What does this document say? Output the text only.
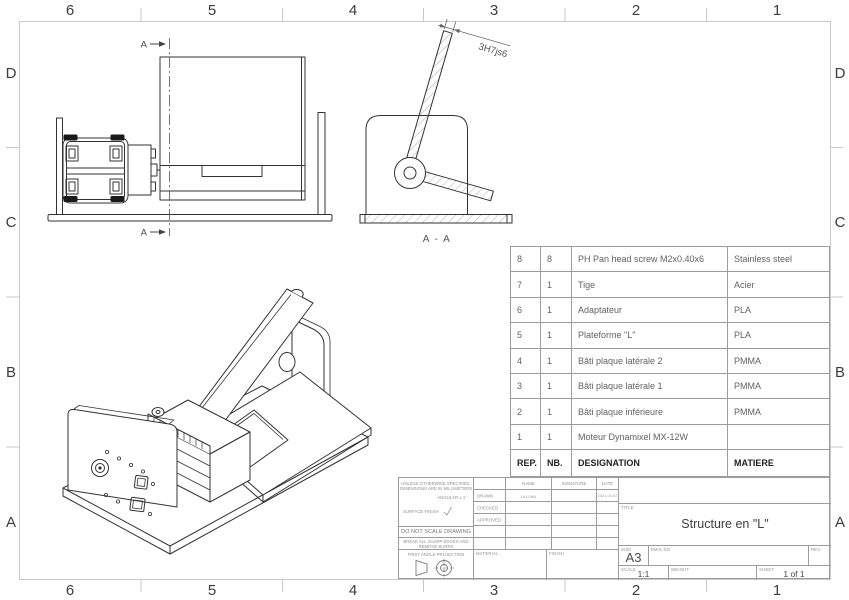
A
A
3H7js6
A - A
6	5	4	3	2	1
6	5	4	3	2	1
D
C
B
A
D
C
B
A
8	8	PH Pan head screw M2x0.40x6	Stainless steel
7	1	Tige	Acier
6	1	Adaptateur	PLA
5	1	Plateforme "L"	PLA
4	1	Bâti plaque latérale 2	PMMA
3	1	Bâti plaque latérale 1	PMMA
2	1	Bâti plaque inférieure	PMMA
1	1	Moteur Dynamixel MX-12W
REP.	NB.	DESIGNATION	MATIERE
UNLESS OTHERWISE SPECIFIED,
DIMENSIONS ARE IN MILLIMETERS
ANGULAR ± 1°
SURFACE FINISH
DO NOT SCALE DRAWING
BREAK ALL SHARP EDGES AND
REMOVE BURRS
FIRST ANGLE PROJECTION
NAME	SIGNATURE	DATE
DRAWN	LAUJAN	2021-04-07
CHECKED
APPROVED
MATERIAL	FINISH
TITLE
Structure en "L"
SIZE
A3
DWG NO.	REV.
SCALE 1:1	WEIGHT	SHEET	1 of 1
